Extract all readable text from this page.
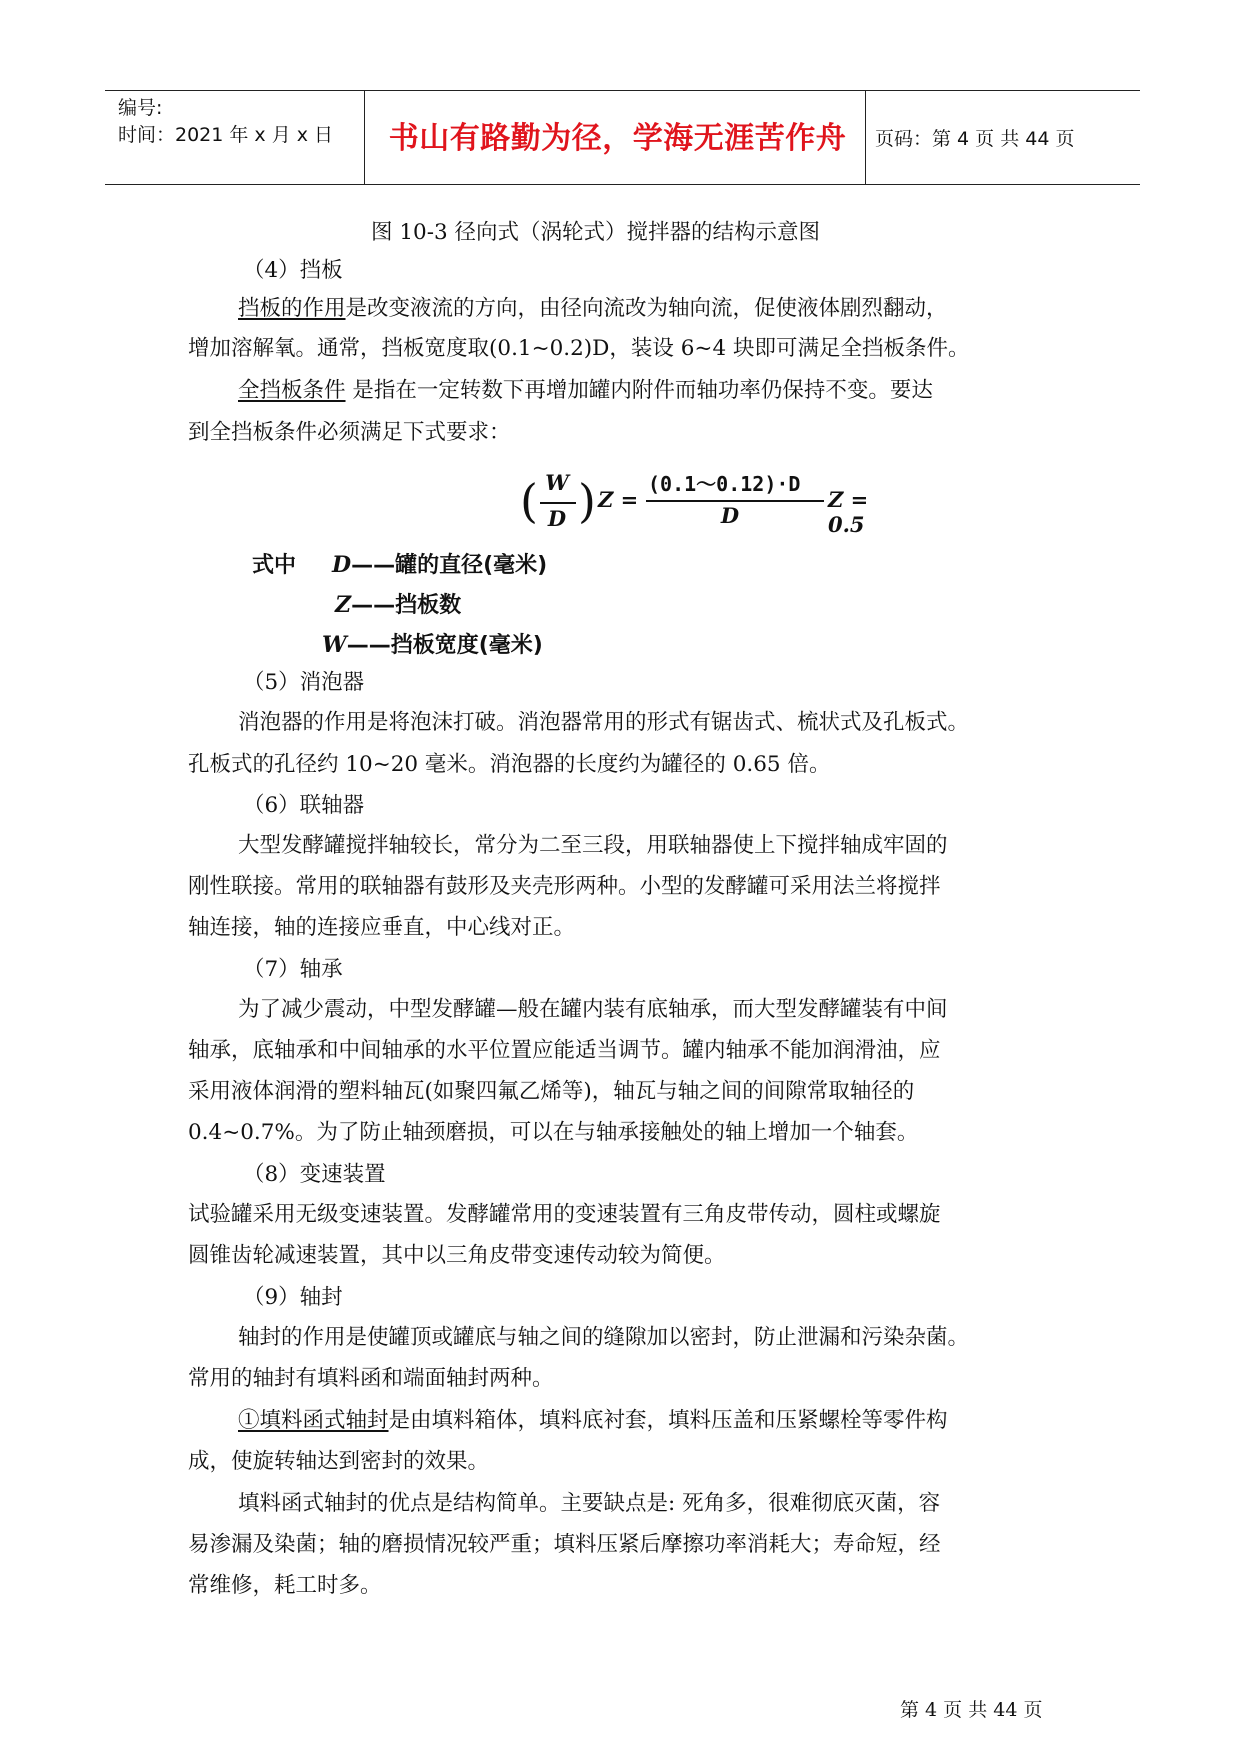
编号:
时间：2021 年 x 月 x 日	书山有路勤为径，学海无涯苦作舟	页码：第 4 页 共 44 页
图 10-3 径向式（涡轮式）搅拌器的结构示意图
（4）挡板
挡板的作用是改变液流的方向，由径向流改为轴向流，促使液体剧烈翻动，
增加溶解氧。通常，挡板宽度取(0.1~0.2)D，装设 6~4 块即可满足全挡板条件。
全挡板条件 是指在一定转数下再增加罐内附件而轴功率仍保持不变。要达
到全挡板条件必须满足下式要求：
( W
D ) Z =
(0.1～0.12)·D
D
Z = 0.5
式中 D——罐的直径(毫米)
Z——挡板数
W——挡板宽度(毫米)
（5）消泡器
消泡器的作用是将泡沫打破。消泡器常用的形式有锯齿式、梳状式及孔板式。
孔板式的孔径约 10~20 毫米。消泡器的长度约为罐径的 0.65 倍。
（6）联轴器
大型发酵罐搅拌轴较长，常分为二至三段，用联轴器使上下搅拌轴成牢固的
刚性联接。常用的联轴器有鼓形及夹壳形两种。小型的发酵罐可采用法兰将搅拌
轴连接，轴的连接应垂直，中心线对正。
（7）轴承
为了减少震动，中型发酵罐—般在罐内装有底轴承，而大型发酵罐装有中间
轴承，底轴承和中间轴承的水平位置应能适当调节。罐内轴承不能加润滑油，应
采用液体润滑的塑料轴瓦(如聚四氟乙烯等)，轴瓦与轴之间的间隙常取轴径的
0.4~0.7%。为了防止轴颈磨损，可以在与轴承接触处的轴上增加一个轴套。
（8）变速装置
试验罐采用无级变速装置。发酵罐常用的变速装置有三角皮带传动，圆柱或螺旋
圆锥齿轮减速装置，其中以三角皮带变速传动较为简便。
（9）轴封
轴封的作用是使罐顶或罐底与轴之间的缝隙加以密封，防止泄漏和污染杂菌。
常用的轴封有填料函和端面轴封两种。
①填料函式轴封是由填料箱体，填料底衬套，填料压盖和压紧螺栓等零件构
成，使旋转轴达到密封的效果。
填料函式轴封的优点是结构简单。主要缺点是: 死角多，很难彻底灭菌，容
易渗漏及染菌；轴的磨损情况较严重；填料压紧后摩擦功率消耗大；寿命短，经
常维修，耗工时多。
第 4 页 共 44 页
